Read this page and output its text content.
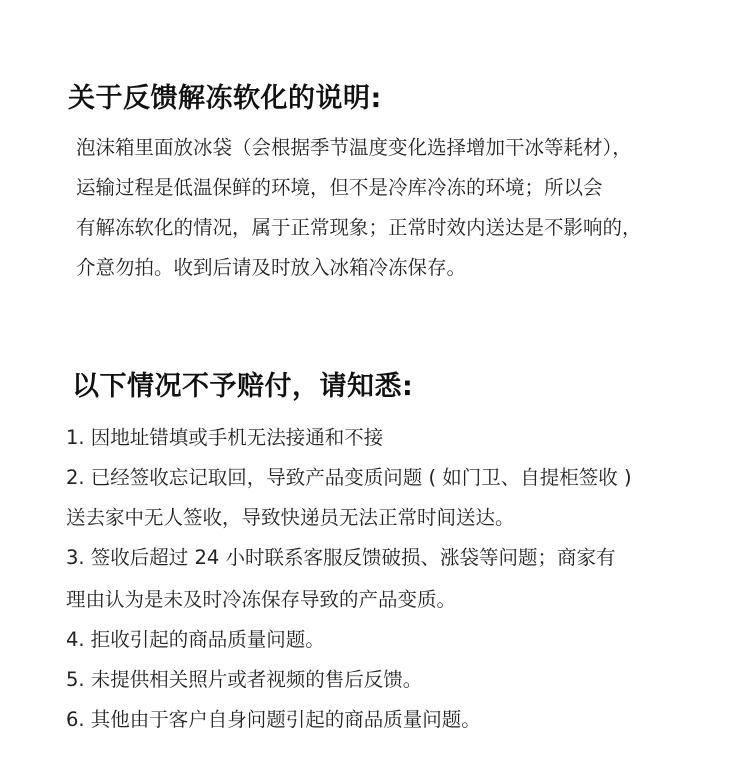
关于反馈解冻软化的说明:

泡沫箱里面放冰袋（会根据季节温度变化选择增加干冰等耗材），

运输过程是低温保鲜的环境，但不是冷库冷冻的环境；所以会

有解冻软化的情况，属于正常现象；正常时效内送达是不影响的，

介意勿拍。收到后请及时放入冰箱冷冻保存。

以下情况不予赔付，请知悉:

1. 因地址错填或手机无法接通和不接

2. 已经签收忘记取回，导致产品变质问题 ( 如门卫、自提柜签收 )

送去家中无人签收，导致快递员无法正常时间送达。

3. 签收后超过 24 小时联系客服反馈破损、涨袋等问题；商家有

理由认为是未及时冷冻保存导致的产品变质。

4. 拒收引起的商品质量问题。

5. 未提供相关照片或者视频的售后反馈。

6. 其他由于客户自身问题引起的商品质量问题。
